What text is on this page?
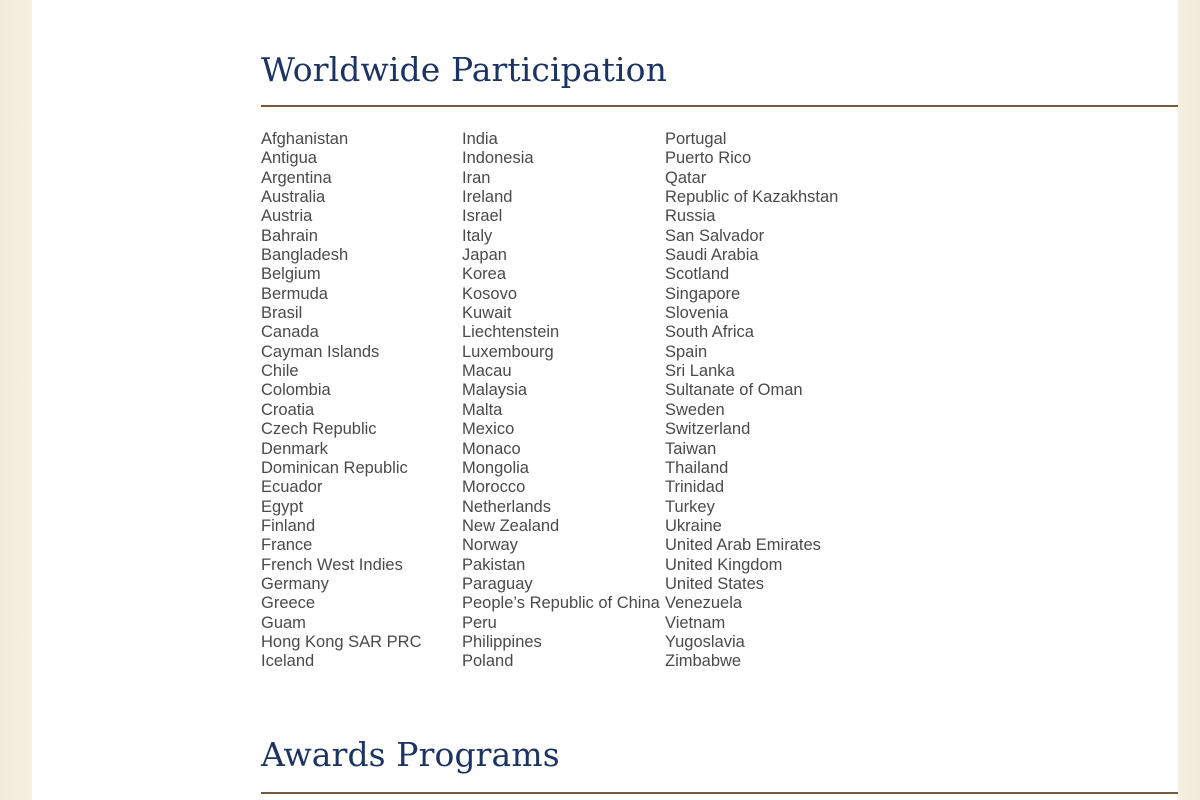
Worldwide Participation
Afghanistan
Antigua
Argentina
Australia
Austria
Bahrain
Bangladesh
Belgium
Bermuda
Brasil
Canada
Cayman Islands
Chile
Colombia
Croatia
Czech Republic
Denmark
Dominican Republic
Ecuador
Egypt
Finland
France
French West Indies
Germany
Greece
Guam
Hong Kong SAR PRC
Iceland
India
Indonesia
Iran
Ireland
Israel
Italy
Japan
Korea
Kosovo
Kuwait
Liechtenstein
Luxembourg
Macau
Malaysia
Malta
Mexico
Monaco
Mongolia
Morocco
Netherlands
New Zealand
Norway
Pakistan
Paraguay
People’s Republic of China
Peru
Philippines
Poland
Portugal
Puerto Rico
Qatar
Republic of Kazakhstan
Russia
San Salvador
Saudi Arabia
Scotland
Singapore
Slovenia
South Africa
Spain
Sri Lanka
Sultanate of Oman
Sweden
Switzerland
Taiwan
Thailand
Trinidad
Turkey
Ukraine
United Arab Emirates
United Kingdom
United States
Venezuela
Vietnam
Yugoslavia
Zimbabwe
Awards Programs
